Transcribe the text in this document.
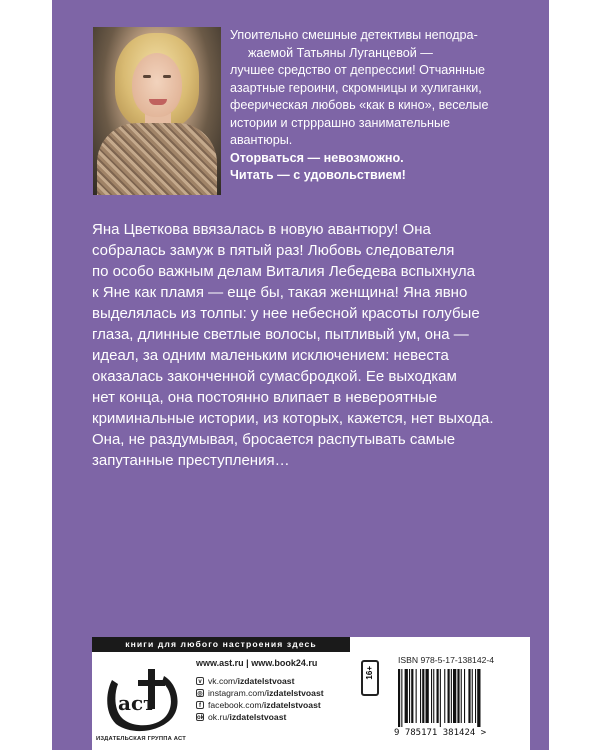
Упоительно смешные детективы неподра-

жаемой Татьяны Луганцевой —

лучшее средство от депрессии! Отчаянные

азартные героини, скромницы и хулиганки,

феерическая любовь «как в кино», веселые

истории и стрррашно занимательные

авантюры.

Оторваться — невозможно.

Читать — с удовольствием!

Яна Цветкова ввязалась в новую авантюру! Она

собралась замуж в пятый раз! Любовь следователя

по особо важным делам Виталия Лебедева вспыхнула

к Яне как пламя — еще бы, такая женщина! Яна явно

выделялась из толпы: у нее небесной красоты голубые

глаза, длинные светлые волосы, пытливый ум, она —

идеал, за одним маленьким исключением: невеста

оказалась законченной сумасбродкой. Ее выходкам

нет конца, она постоянно влипает в невероятные

криминальные истории, из которых, кажется, нет выхода.

Она, не раздумывая, бросается распутывать самые

запутанные преступления…

книги для любого настроения здесь
аст
ИЗДАТЕЛЬСКАЯ ГРУППА АСТ
www.ast.ru | www.book24.ru
v vk.com/izdatelstvoast
◎ instagram.com/izdatelstvoast
f facebook.com/izdatelstvoast
ok ok.ru/izdatelstvoast
16+
ISBN 978-5-17-138142-4
9 785171 381424 >
